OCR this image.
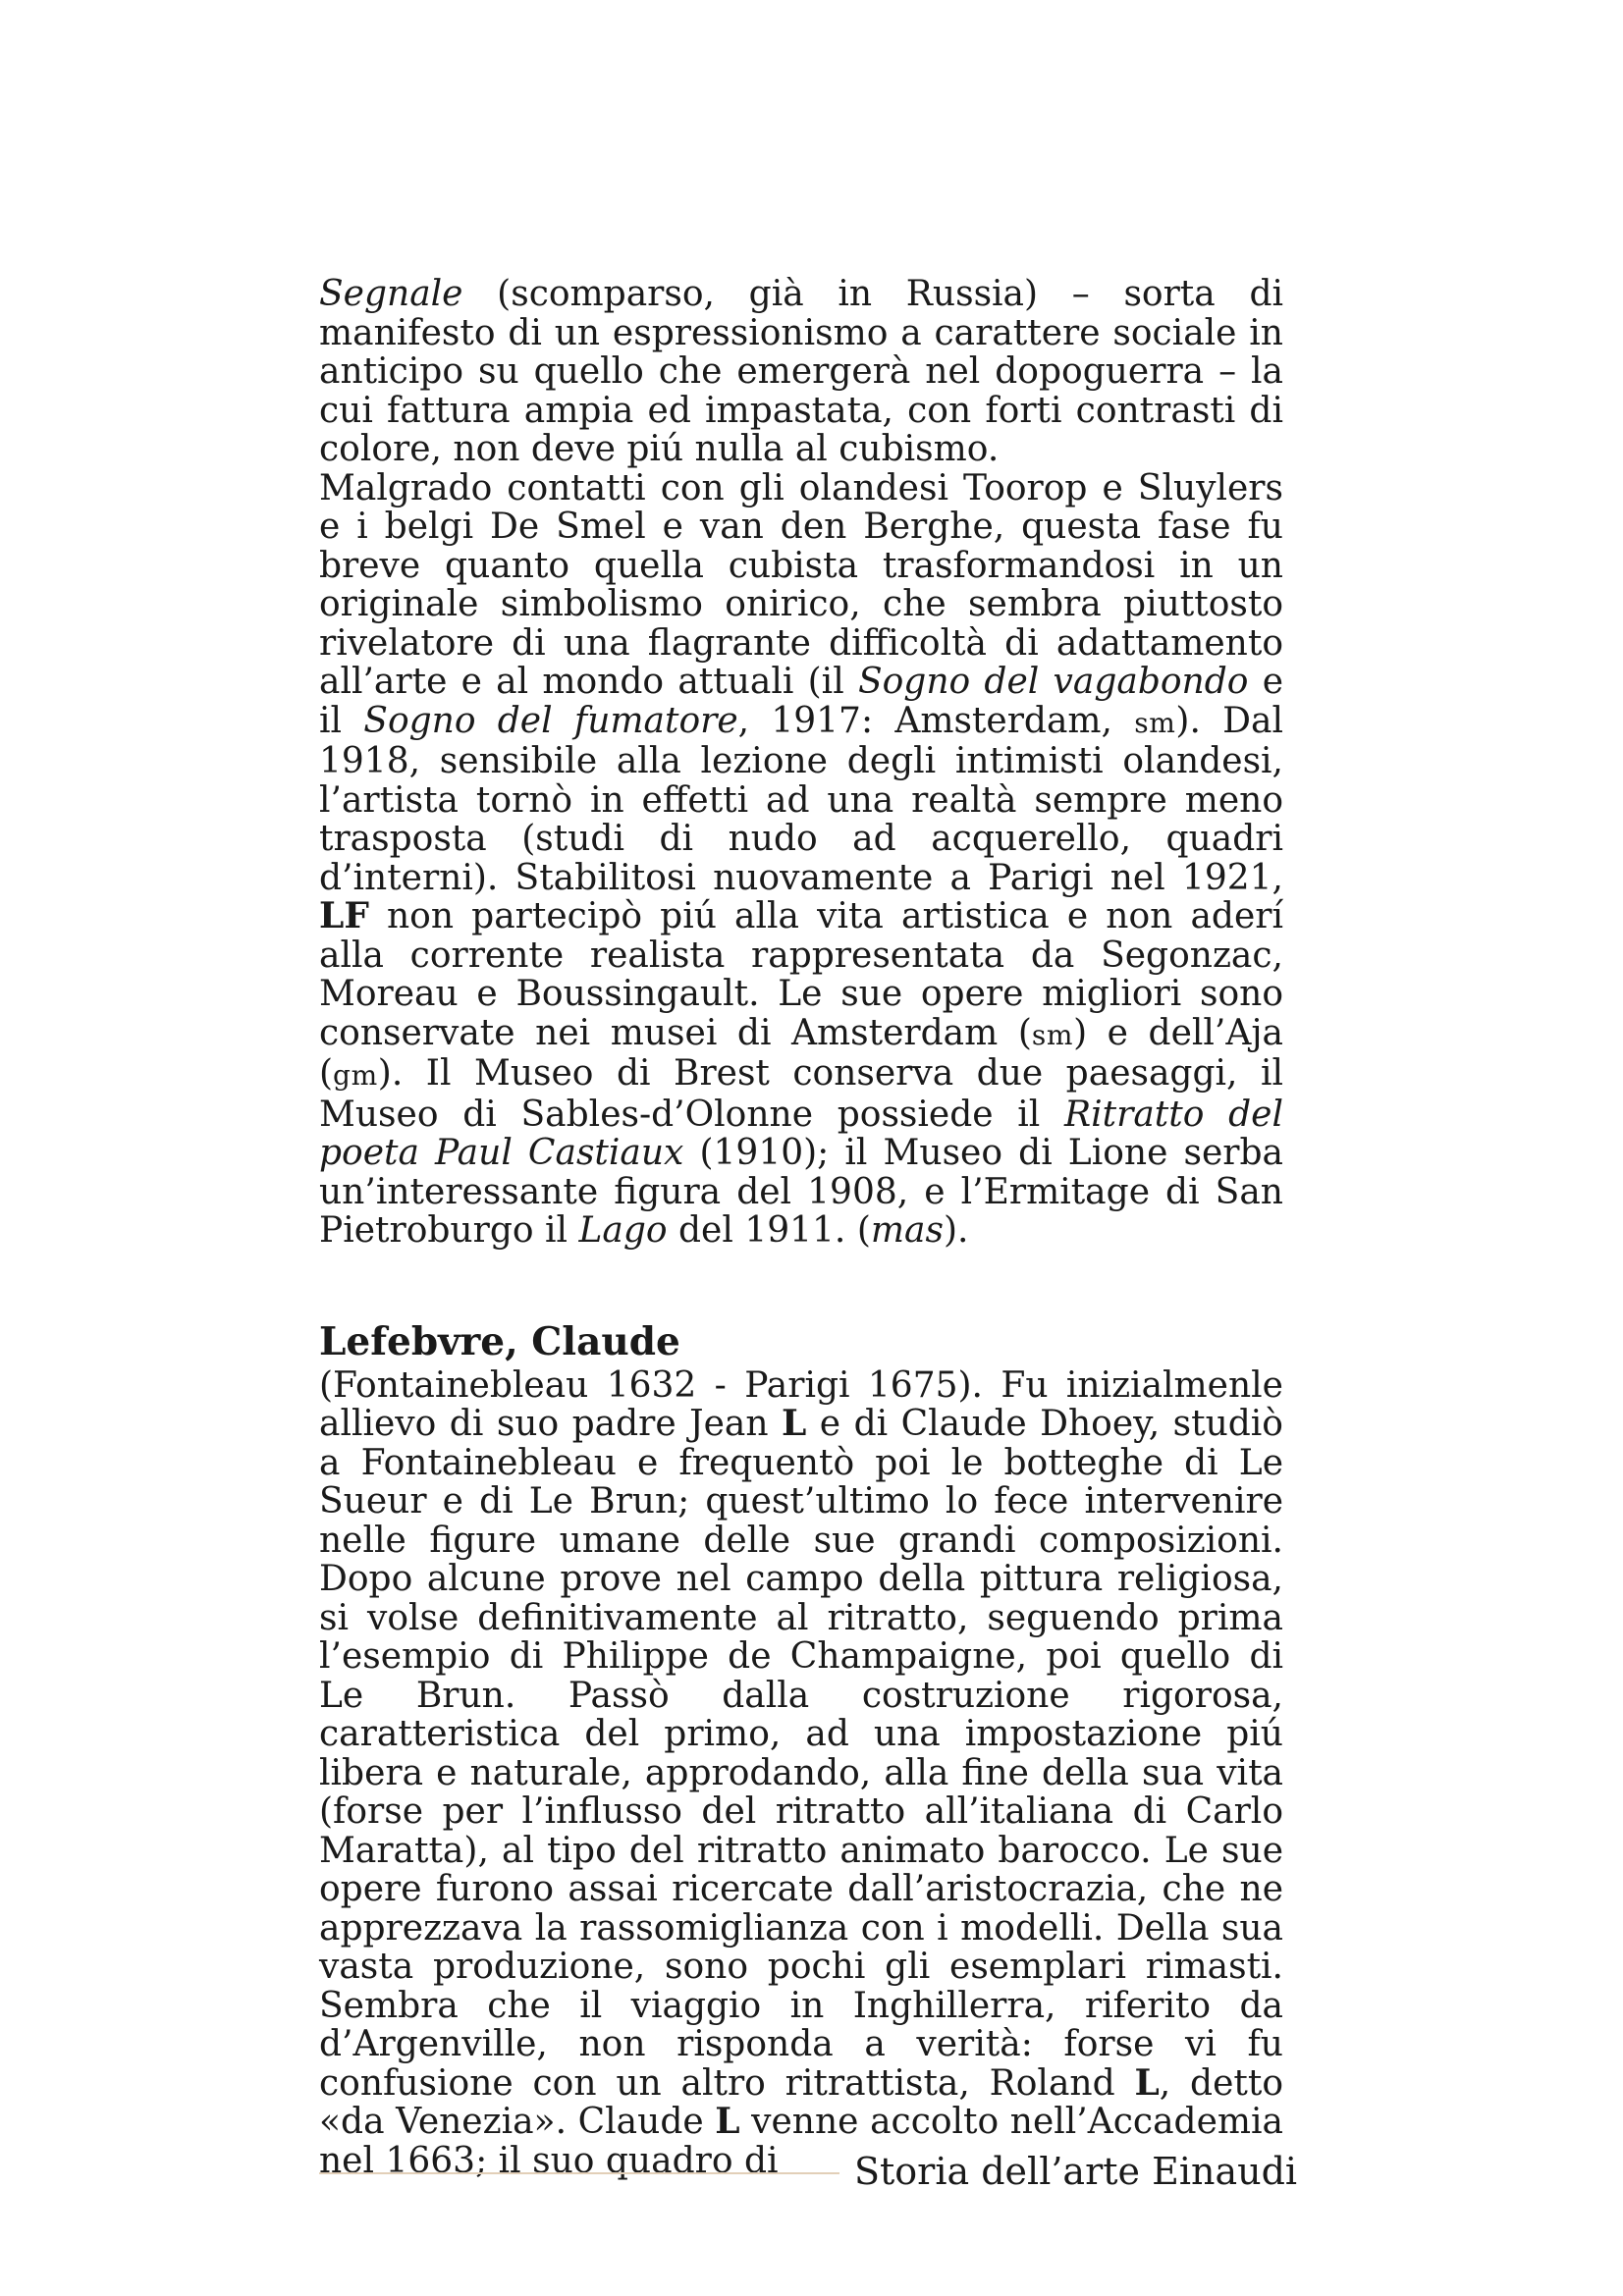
Segnale (scomparso, già in Russia) – sorta di manifesto di un espressionismo a carattere sociale in anticipo su quello che emergerà nel dopoguerra – la cui fattura ampia ed impastata, con forti contrasti di colore, non deve piú nulla al cubismo.

Malgrado contatti con gli olandesi Toorop e Sluylers e i belgi De Smel e van den Berghe, questa fase fu breve quanto quella cubista trasformandosi in un originale simbolismo onirico, che sembra piuttosto rivelatore di una flagrante difficoltà di adattamento all’arte e al mondo attuali (il Sogno del vagabondo e il Sogno del fumatore, 1917: Amsterdam, sm). Dal 1918, sensibile alla lezione degli intimisti olandesi, l’artista tornò in effetti ad una realtà sempre meno trasposta (studi di nudo ad acquerello, quadri d’interni). Stabilitosi nuovamente a Parigi nel 1921, LF non partecipò piú alla vita artistica e non aderí alla corrente realista rappresentata da Segonzac, Moreau e Boussingault. Le sue opere migliori sono conservate nei musei di Amsterdam (sm) e dell’Aja (gm). Il Museo di Brest conserva due paesaggi, il Museo di Sables-d’Olonne possiede il Ritratto del poeta Paul Castiaux (1910); il Museo di Lione serba un’interessante figura del 1908, e l’Ermitage di San Pietroburgo il Lago del 1911. (mas).

Lefebvre, Claude

(Fontainebleau 1632 - Parigi 1675). Fu inizialmenle allievo di suo padre Jean L e di Claude Dhoey, studiò a Fontainebleau e frequentò poi le botteghe di Le Sueur e di Le Brun; quest’ultimo lo fece intervenire nelle figure umane delle sue grandi composizioni. Dopo alcune prove nel campo della pittura religiosa, si volse definitivamente al ritratto, seguendo prima l’esempio di Philippe de Champaigne, poi quello di Le Brun. Passò dalla costruzione rigorosa, caratteristica del primo, ad una impostazione piú libera e naturale, approdando, alla fine della sua vita (forse per l’influsso del ritratto all’italiana di Carlo Maratta), al tipo del ritratto animato barocco. Le sue opere furono assai ricercate dall’aristocrazia, che ne apprezzava la rassomiglianza con i modelli. Della sua vasta produzione, sono pochi gli esemplari rimasti. Sembra che il viaggio in Inghillerra, riferito da d’Argenville, non risponda a verità: forse vi fu confusione con un altro ritrattista, Roland L, detto «da Venezia». Claude L venne accolto nell’Accademia nel 1663; il suo quadro di	Storia dell’arte Einaudi
